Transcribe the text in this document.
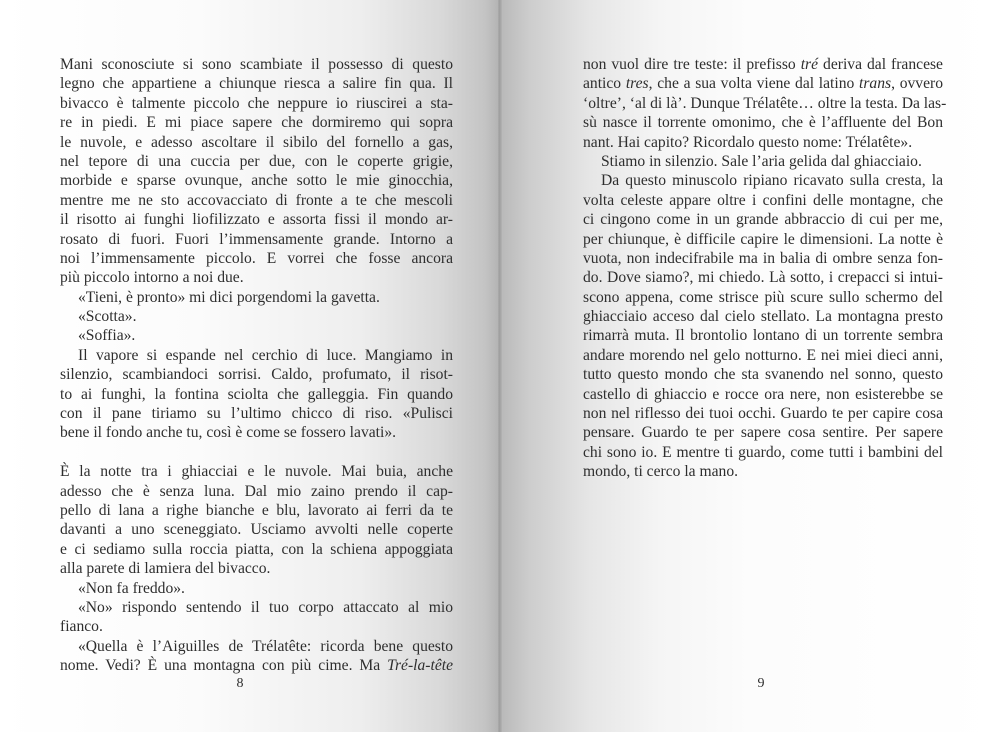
Mani sconosciute si sono scambiate il possesso di questo
legno che appartiene a chiunque riesca a salire fin qua. Il
bivacco è talmente piccolo che neppure io riuscirei a sta-
re in piedi. E mi piace sapere che dormiremo qui sopra
le nuvole, e adesso ascoltare il sibilo del fornello a gas,
nel tepore di una cuccia per due, con le coperte grigie,
morbide e sparse ovunque, anche sotto le mie ginocchia,
mentre me ne sto accovacciato di fronte a te che mescoli
il risotto ai funghi liofilizzato e assorta fissi il mondo ar-
rosato di fuori. Fuori l’immensamente grande. Intorno a
noi l’immensamente piccolo. E vorrei che fosse ancora
più piccolo intorno a noi due.
«Tieni, è pronto» mi dici porgendomi la gavetta.
«Scotta».
«Soffia».
Il vapore si espande nel cerchio di luce. Mangiamo in
silenzio, scambiandoci sorrisi. Caldo, profumato, il risot-
to ai funghi, la fontina sciolta che galleggia. Fin quando
con il pane tiriamo su l’ultimo chicco di riso. «Pulisci
bene il fondo anche tu, così è come se fossero lavati».
È la notte tra i ghiacciai e le nuvole. Mai buia, anche
adesso che è senza luna. Dal mio zaino prendo il cap-
pello di lana a righe bianche e blu, lavorato ai ferri da te
davanti a uno sceneggiato. Usciamo avvolti nelle coperte
e ci sediamo sulla roccia piatta, con la schiena appoggiata
alla parete di lamiera del bivacco.
«Non fa freddo».
«No» rispondo sentendo il tuo corpo attaccato al mio
fianco.
«Quella è l’Aiguilles de Trélatête: ricorda bene questo
nome. Vedi? È una montagna con più cime. Ma Tré-la-tête
8
non vuol dire tre teste: il prefisso tré deriva dal francese
antico tres, che a sua volta viene dal latino trans, ovvero
‘oltre’, ‘al di là’. Dunque Trélatête… oltre la testa. Da las-
sù nasce il torrente omonimo, che è l’affluente del Bon
nant. Hai capito? Ricordalo questo nome: Trélatête».
Stiamo in silenzio. Sale l’aria gelida dal ghiacciaio.
Da questo minuscolo ripiano ricavato sulla cresta, la
volta celeste appare oltre i confini delle montagne, che
ci cingono come in un grande abbraccio di cui per me,
per chiunque, è difficile capire le dimensioni. La notte è
vuota, non indecifrabile ma in balia di ombre senza fon-
do. Dove siamo?, mi chiedo. Là sotto, i crepacci si intui-
scono appena, come strisce più scure sullo schermo del
ghiacciaio acceso dal cielo stellato. La montagna presto
rimarrà muta. Il brontolio lontano di un torrente sembra
andare morendo nel gelo notturno. E nei miei dieci anni,
tutto questo mondo che sta svanendo nel sonno, questo
castello di ghiaccio e rocce ora nere, non esisterebbe se
non nel riflesso dei tuoi occhi. Guardo te per capire cosa
pensare. Guardo te per sapere cosa sentire. Per sapere
chi sono io. E mentre ti guardo, come tutti i bambini del
mondo, ti cerco la mano.
9
